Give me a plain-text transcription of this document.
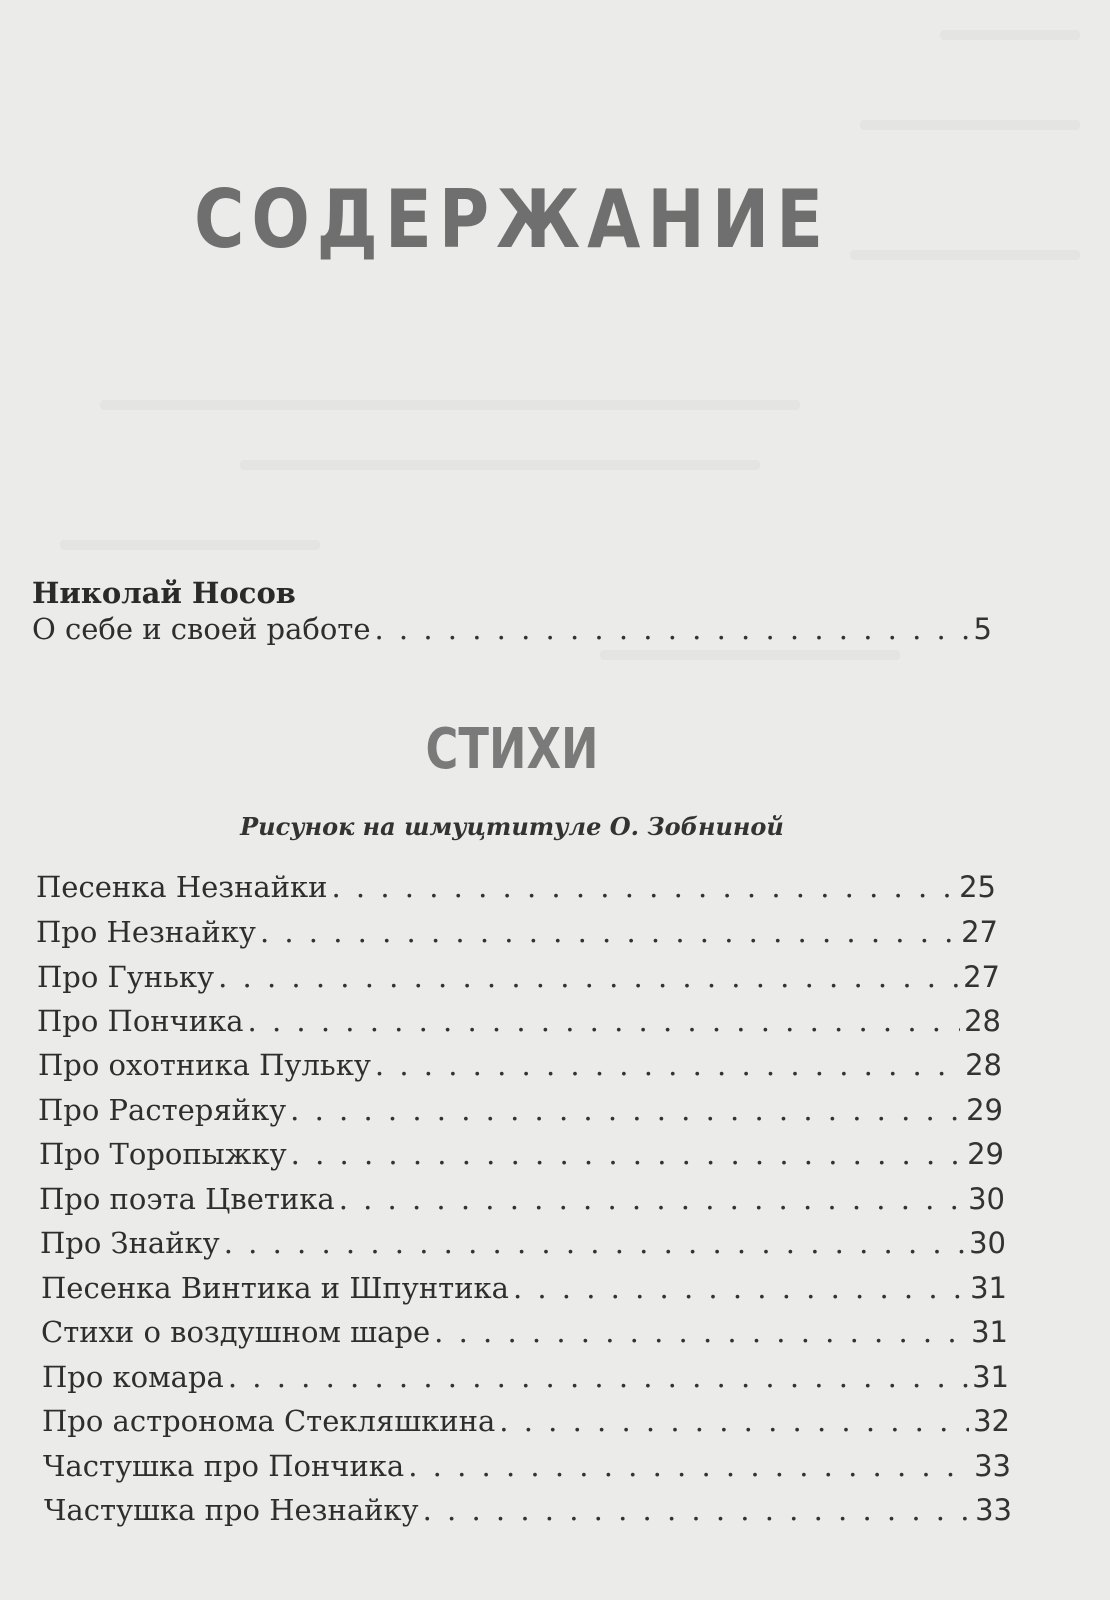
СОДЕРЖАНИЕ
Николай Носов
О себе и своей работе . . .	5
СТИХИ
Рисунок на шмуцтитуле О. Зобниной
Песенка Незнайки . . .	25
Про Незнайку . . .	27
Про Гуньку . . .	27
Про Пончика . . .	28
Про охотника Пульку . . .	28
Про Растеряйку . . .	29
Про Торопыжку . . .	29
Про поэта Цветика . . .	30
Про Знайку . . .	30
Песенка Винтика и Шпунтика . . .	31
Стихи о воздушном шаре . . .	31
Про комара . . .	31
Про астронома Стекляшкина . . .	32
Частушка про Пончика . . .	33
Частушка про Незнайку . . .	33
